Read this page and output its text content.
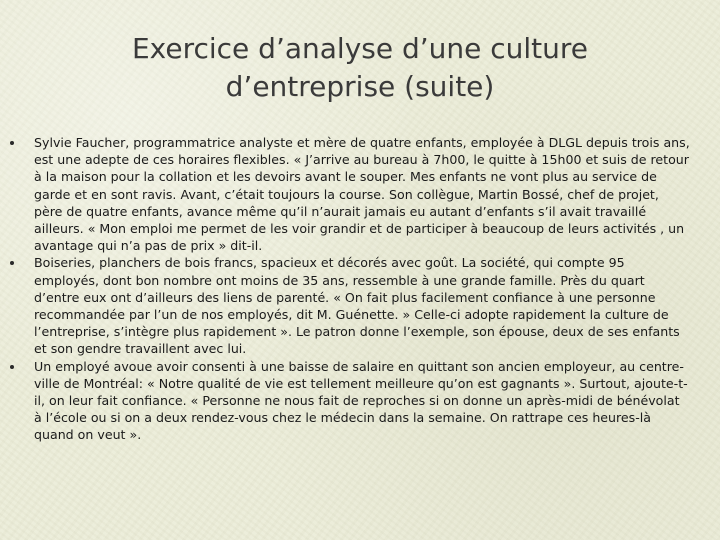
Exercice d’analyse d’une culture
d’entreprise (suite)
Sylvie Faucher, programmatrice analyste et mère de quatre enfants, employée à DLGL depuis trois ans, est une adepte de ces horaires flexibles. « J’arrive au bureau à 7h00, le quitte à 15h00 et suis de retour à la maison pour la collation et les devoirs avant le souper. Mes enfants ne vont plus au service de garde et en sont ravis. Avant, c’était toujours la course. Son collègue, Martin Bossé, chef de projet, père de quatre enfants, avance même qu’il n’aurait jamais eu autant d’enfants s’il avait travaillé ailleurs. « Mon emploi me permet de les voir grandir et de participer à beaucoup de leurs activités , un avantage qui n’a pas de prix » dit-il.
Boiseries, planchers de bois francs, spacieux et décorés avec goût. La société, qui compte 95 employés, dont bon nombre ont moins de 35 ans, ressemble à une grande famille. Près du quart d’entre eux ont d’ailleurs des liens de parenté. « On fait plus facilement confiance à une personne recommandée par l’un de nos employés, dit M. Guénette. » Celle-ci adopte rapidement la culture de l’entreprise, s’intègre plus rapidement ». Le patron donne l’exemple, son épouse, deux de ses enfants et son gendre travaillent avec lui.
Un employé avoue avoir consenti à une baisse de salaire en quittant son ancien employeur, au centre-ville de Montréal: « Notre qualité de vie est tellement meilleure qu’on est gagnants ». Surtout, ajoute-t-il, on leur fait confiance. « Personne ne nous fait de reproches si on donne un après-midi de bénévolat à l’école ou si on a deux rendez-vous chez le médecin dans la semaine. On rattrape ces heures-là quand on veut ».
